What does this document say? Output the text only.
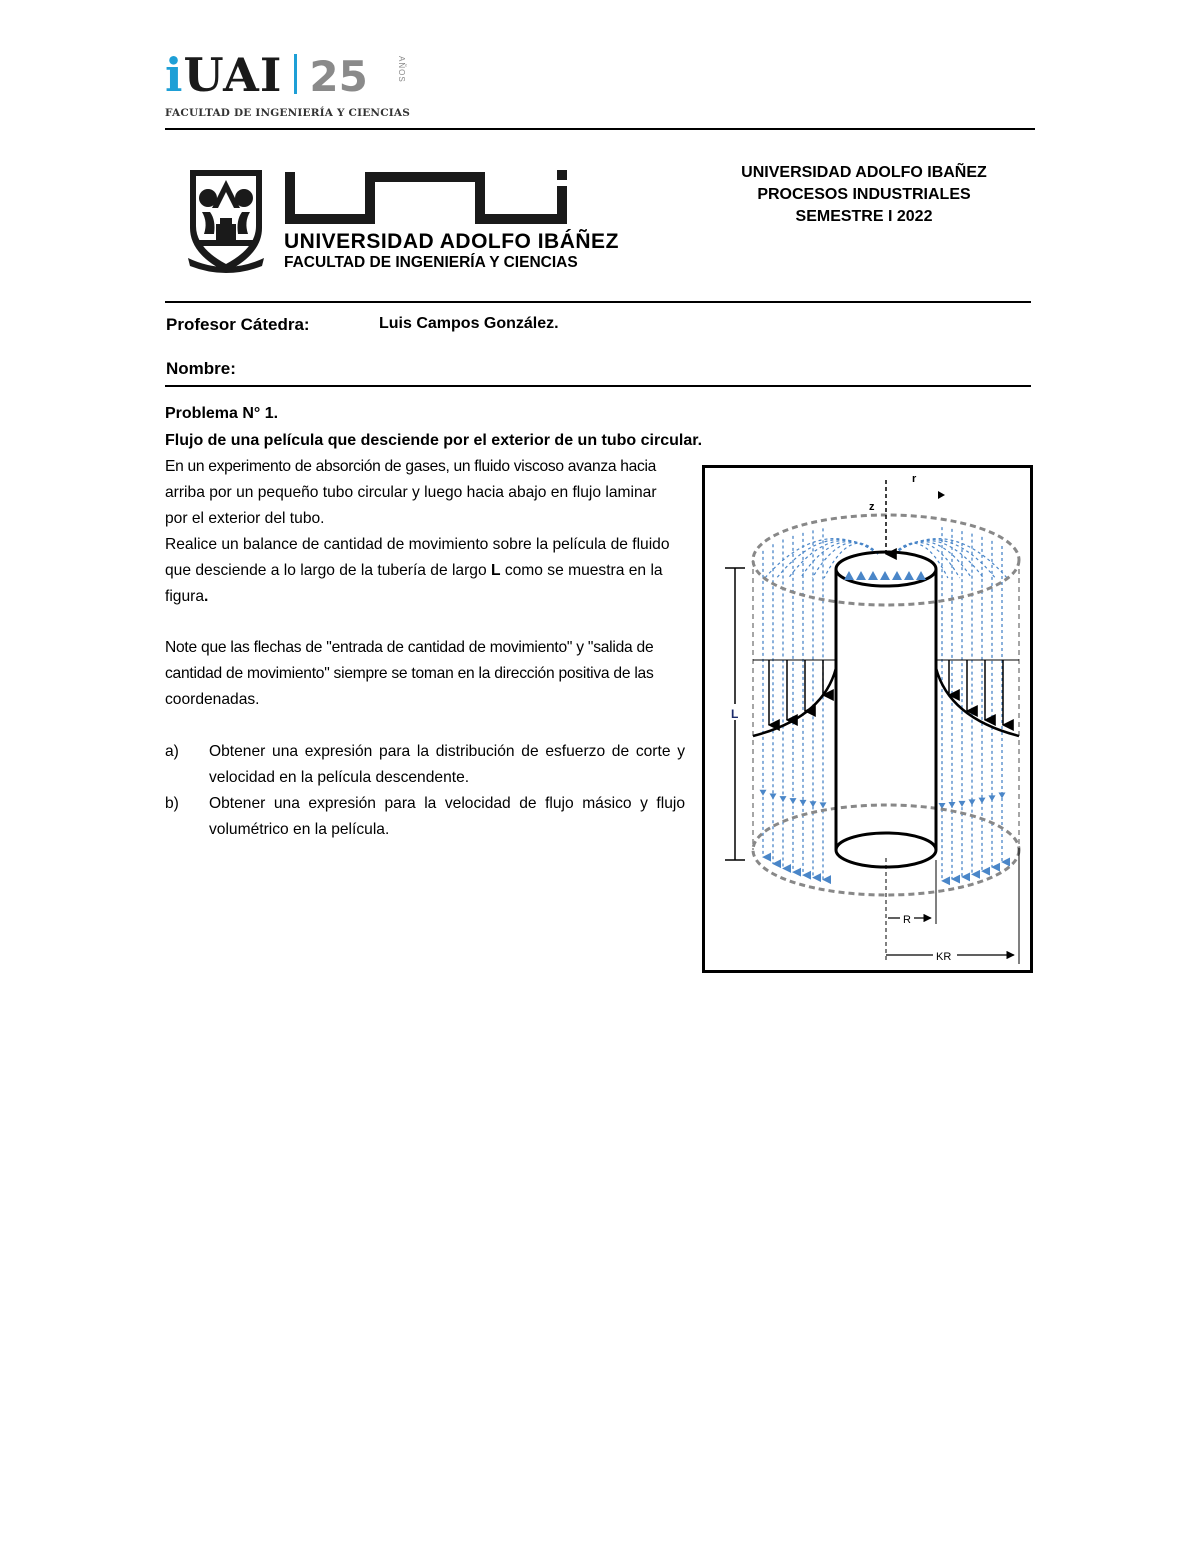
iUAI 25	AÑOS
FACULTAD DE INGENIERÍA Y CIENCIAS
UNIVERSIDAD ADOLFO IBÁÑEZ
FACULTAD DE INGENIERÍA Y CIENCIAS
UNIVERSIDAD ADOLFO IBAÑEZ
PROCESOS INDUSTRIALES
SEMESTRE I 2022
Profesor Cátedra:	Luis Campos González.
Nombre:
Problema N° 1.
Flujo de una película que desciende por el exterior de un tubo circular.
En un experimento de absorción de gases, un fluido viscoso avanza hacia
arriba por un pequeño tubo circular y luego hacia abajo en flujo laminar
por el exterior del tubo.
Realice un balance de cantidad de movimiento sobre la película de fluido
que desciende a lo largo de la tubería de largo L como se muestra en la
figura.
Note que las flechas de "entrada de cantidad de movimiento" y "salida de
cantidad de movimiento" siempre se toman en la dirección positiva de las
coordenadas.
a) Obtener una expresión para la distribución de esfuerzo de corte y velocidad en la película descendente.
b) Obtener una expresión para la velocidad de flujo másico y flujo volumétrico en la película.
z
r
L
R
KR
